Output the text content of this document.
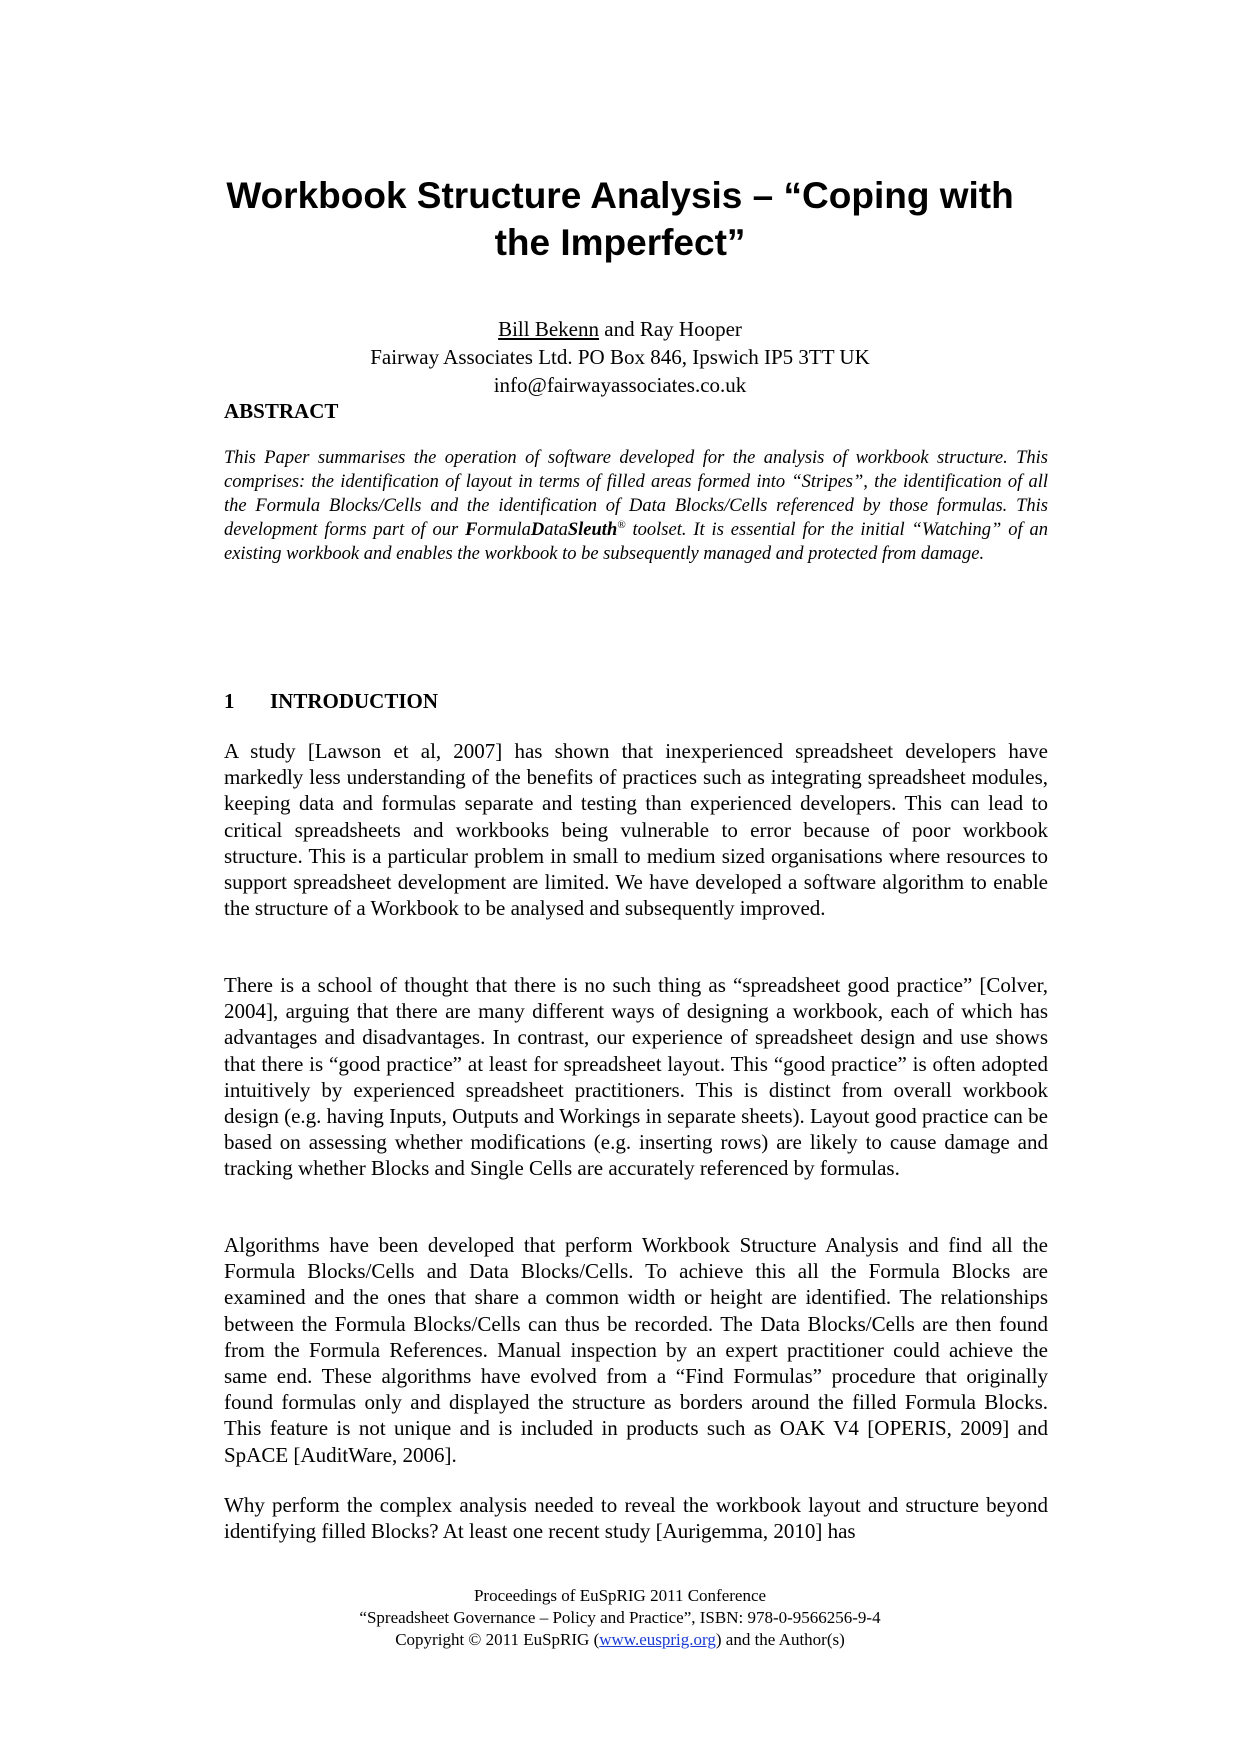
Workbook Structure Analysis – “Coping with the Imperfect”
Bill Bekenn and Ray Hooper
Fairway Associates Ltd. PO Box 846, Ipswich IP5 3TT UK
info@fairwayassociates.co.uk
ABSTRACT

This Paper summarises the operation of software developed for the analysis of workbook structure. This comprises: the identification of layout in terms of filled areas formed into “Stripes”, the identification of all the Formula Blocks/Cells and the identification of Data Blocks/Cells referenced by those formulas. This development forms part of our FormulaDataSleuth® toolset. It is essential for the initial “Watching” of an existing workbook and enables the workbook to be subsequently managed and protected from damage.

1 INTRODUCTION

A study [Lawson et al, 2007] has shown that inexperienced spreadsheet developers have markedly less understanding of the benefits of practices such as integrating spreadsheet modules, keeping data and formulas separate and testing than experienced developers. This can lead to critical spreadsheets and workbooks being vulnerable to error because of poor workbook structure. This is a particular problem in small to medium sized organisations where resources to support spreadsheet development are limited. We have developed a software algorithm to enable the structure of a Workbook to be analysed and subsequently improved.

There is a school of thought that there is no such thing as “spreadsheet good practice” [Colver, 2004], arguing that there are many different ways of designing a workbook, each of which has advantages and disadvantages. In contrast, our experience of spreadsheet design and use shows that there is “good practice” at least for spreadsheet layout. This “good practice” is often adopted intuitively by experienced spreadsheet practitioners. This is distinct from overall workbook design (e.g. having Inputs, Outputs and Workings in separate sheets). Layout good practice can be based on assessing whether modifications (e.g. inserting rows) are likely to cause damage and tracking whether Blocks and Single Cells are accurately referenced by formulas.

Algorithms have been developed that perform Workbook Structure Analysis and find all the Formula Blocks/Cells and Data Blocks/Cells. To achieve this all the Formula Blocks are examined and the ones that share a common width or height are identified. The relationships between the Formula Blocks/Cells can thus be recorded. The Data Blocks/Cells are then found from the Formula References. Manual inspection by an expert practitioner could achieve the same end. These algorithms have evolved from a “Find Formulas” procedure that originally found formulas only and displayed the structure as borders around the filled Formula Blocks. This feature is not unique and is included in products such as OAK V4 [OPERIS, 2009] and SpACE [AuditWare, 2006].

Why perform the complex analysis needed to reveal the workbook layout and structure beyond identifying filled Blocks? At least one recent study [Aurigemma, 2010] has

Proceedings of EuSpRIG 2011 Conference
“Spreadsheet Governance – Policy and Practice”, ISBN: 978-0-9566256-9-4
Copyright © 2011 EuSpRIG (www.eusprig.org) and the Author(s)
